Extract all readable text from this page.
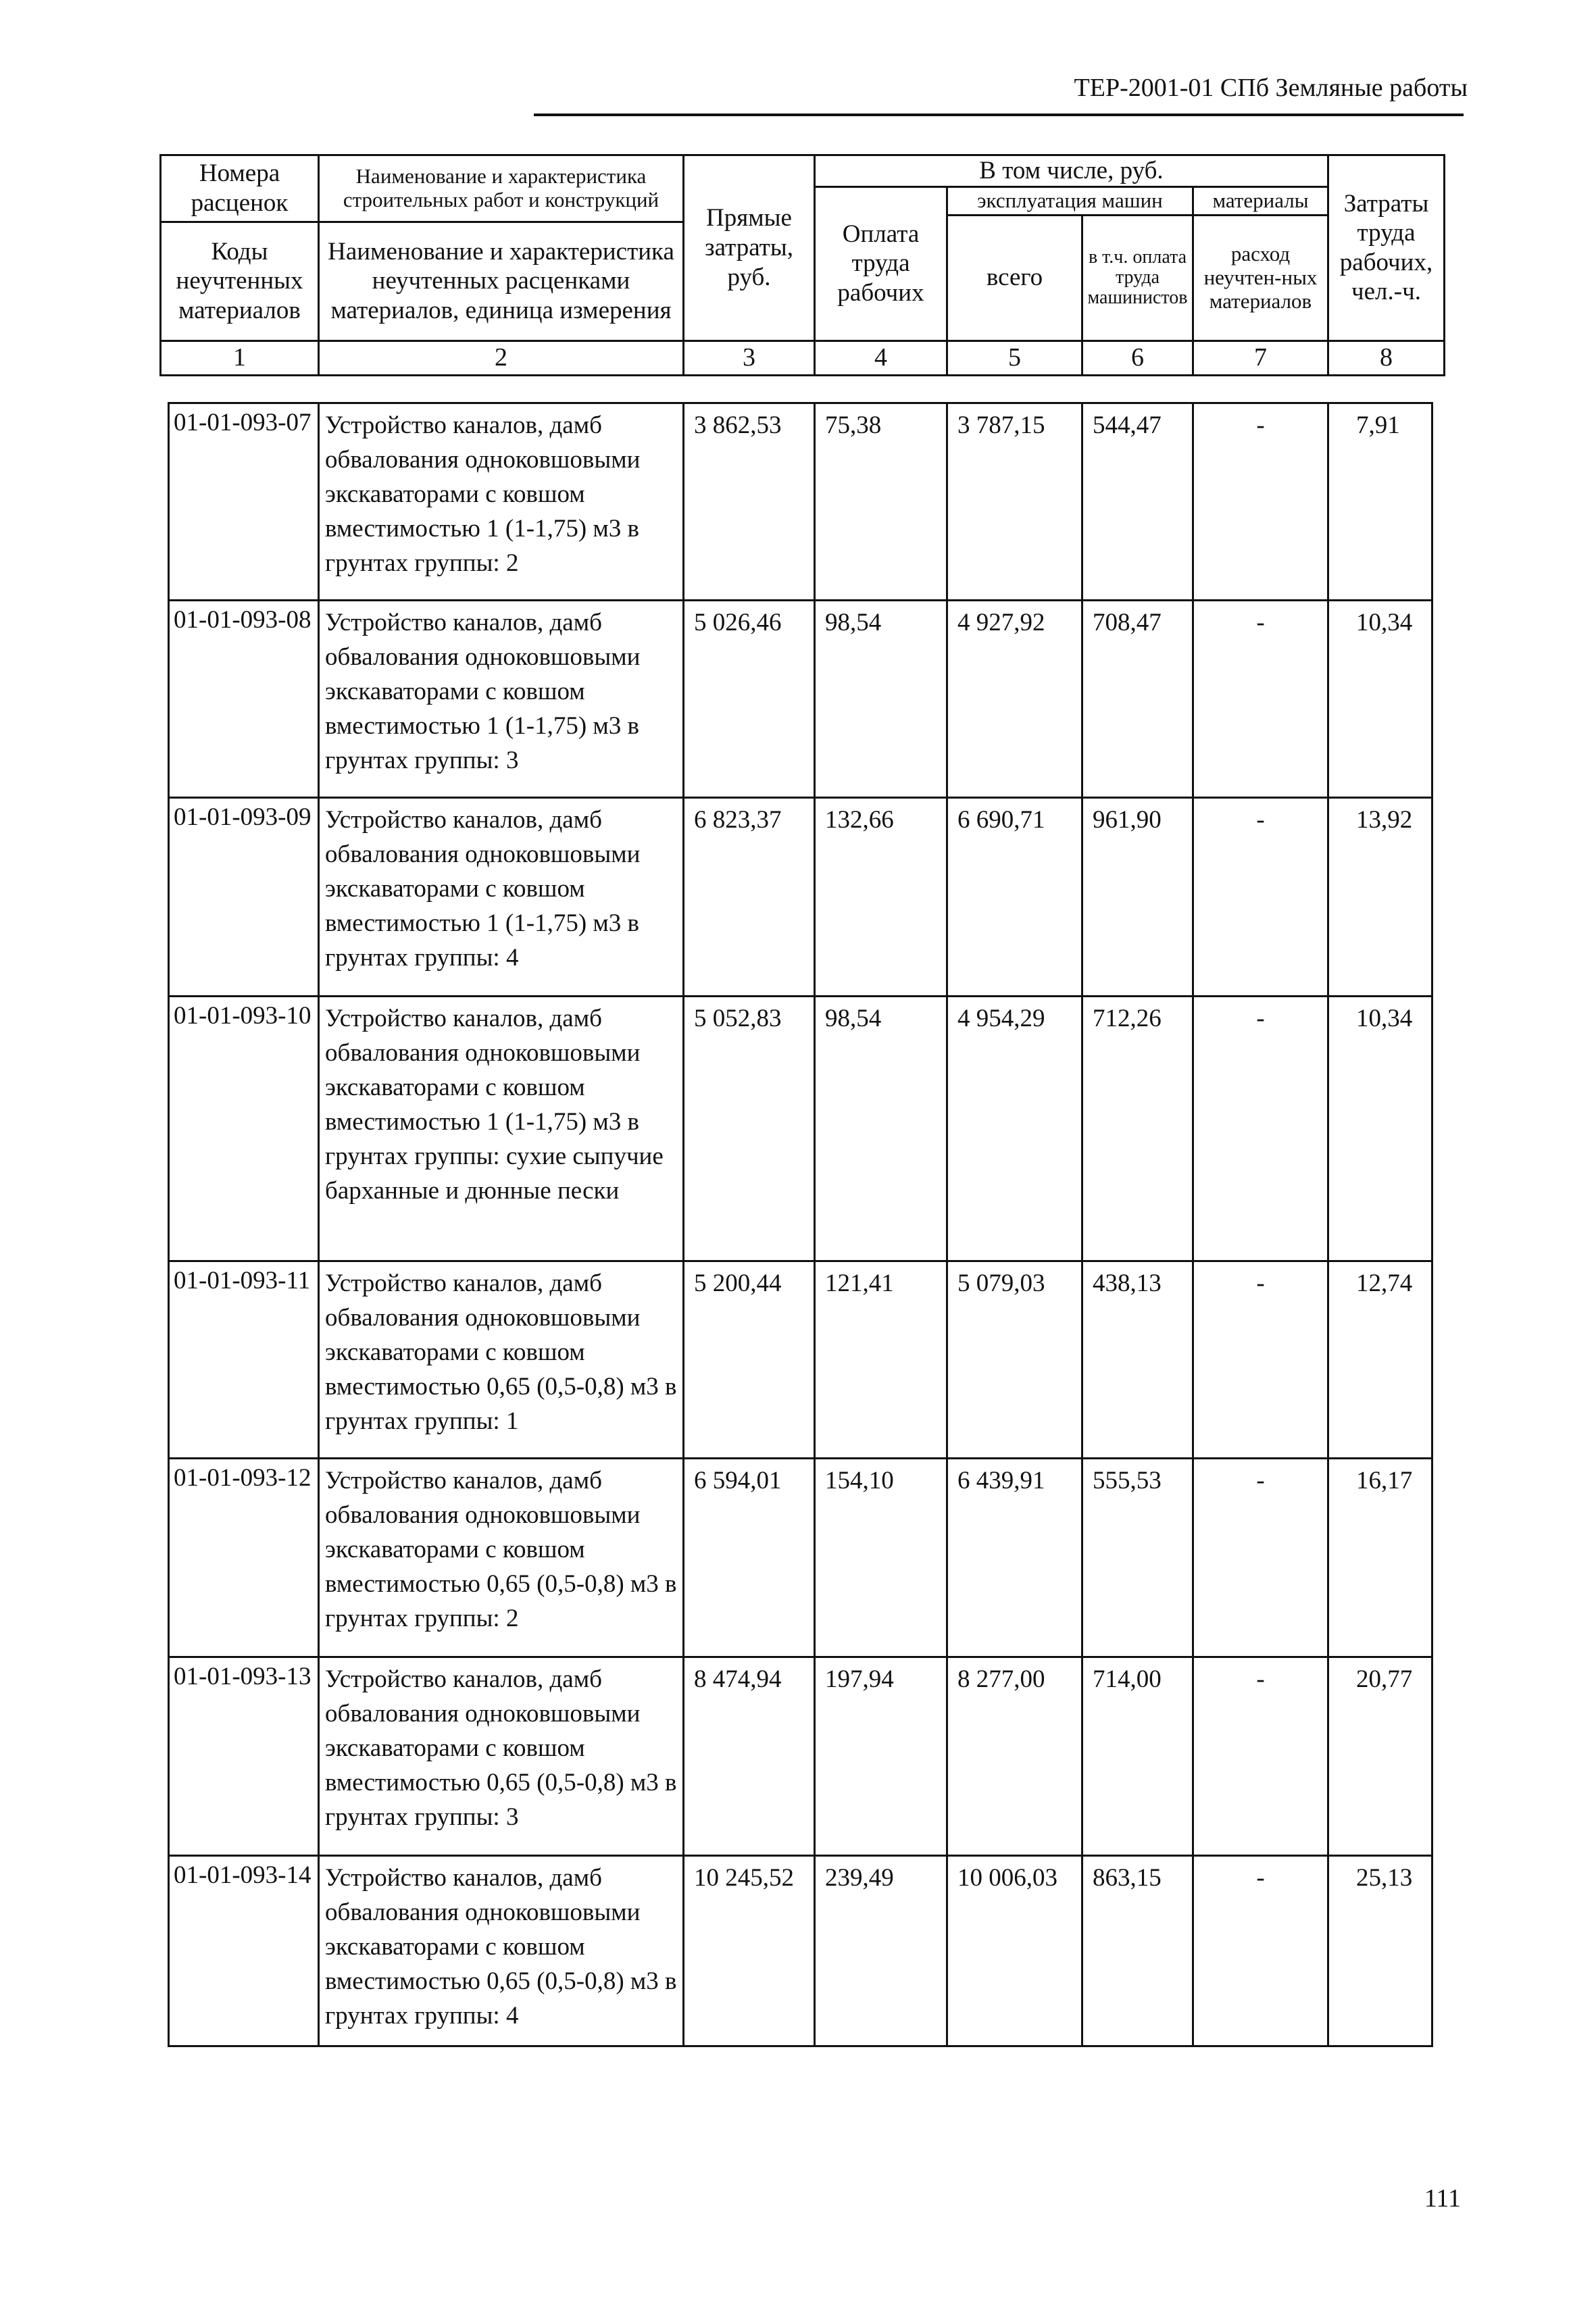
ТЕР-2001-01 СПб Земляные работы
Номера расценок	Наименование и характеристика строительных работ и конструкций	Прямые затраты, руб.	В том числе, руб.				Затраты труда рабочих, чел.-ч.
			Оплата труда рабочих	эксплуатация машин		материалы	
				всего	в т.ч. оплата труда машинистов	расход неучтен-ных материалов	
Коды неучтенных материалов	Наименование и характеристика неучтенных расценками материалов, единица измерения						

1	2	3	4	5	6	7	8
01-01-093-07	Устройство каналов, дамб обвалования одноковшовыми экскаваторами с ковшом вместимостью 1 (1-1,75) м3 в грунтах группы: 2	3 862,53	75,38	3 787,15	544,47	-	7,91
01-01-093-08	Устройство каналов, дамб обвалования одноковшовыми экскаваторами с ковшом вместимостью 1 (1-1,75) м3 в грунтах группы: 3	5 026,46	98,54	4 927,92	708,47	-	10,34
01-01-093-09	Устройство каналов, дамб обвалования одноковшовыми экскаваторами с ковшом вместимостью 1 (1-1,75) м3 в грунтах группы: 4	6 823,37	132,66	6 690,71	961,90	-	13,92
01-01-093-10	Устройство каналов, дамб обвалования одноковшовыми экскаваторами с ковшом вместимостью 1 (1-1,75) м3 в грунтах группы: сухие сыпучие барханные и дюнные пески	5 052,83	98,54	4 954,29	712,26	-	10,34
01-01-093-11	Устройство каналов, дамб обвалования одноковшовыми экскаваторами с ковшом вместимостью 0,65 (0,5-0,8) м3 в грунтах группы: 1	5 200,44	121,41	5 079,03	438,13	-	12,74
01-01-093-12	Устройство каналов, дамб обвалования одноковшовыми экскаваторами с ковшом вместимостью 0,65 (0,5-0,8) м3 в грунтах группы: 2	6 594,01	154,10	6 439,91	555,53	-	16,17
01-01-093-13	Устройство каналов, дамб обвалования одноковшовыми экскаваторами с ковшом вместимостью 0,65 (0,5-0,8) м3 в грунтах группы: 3	8 474,94	197,94	8 277,00	714,00	-	20,77
01-01-093-14	Устройство каналов, дамб обвалования одноковшовыми экскаваторами с ковшом вместимостью 0,65 (0,5-0,8) м3 в грунтах группы: 4	10 245,52	239,49	10 006,03	863,15	-	25,13
111
